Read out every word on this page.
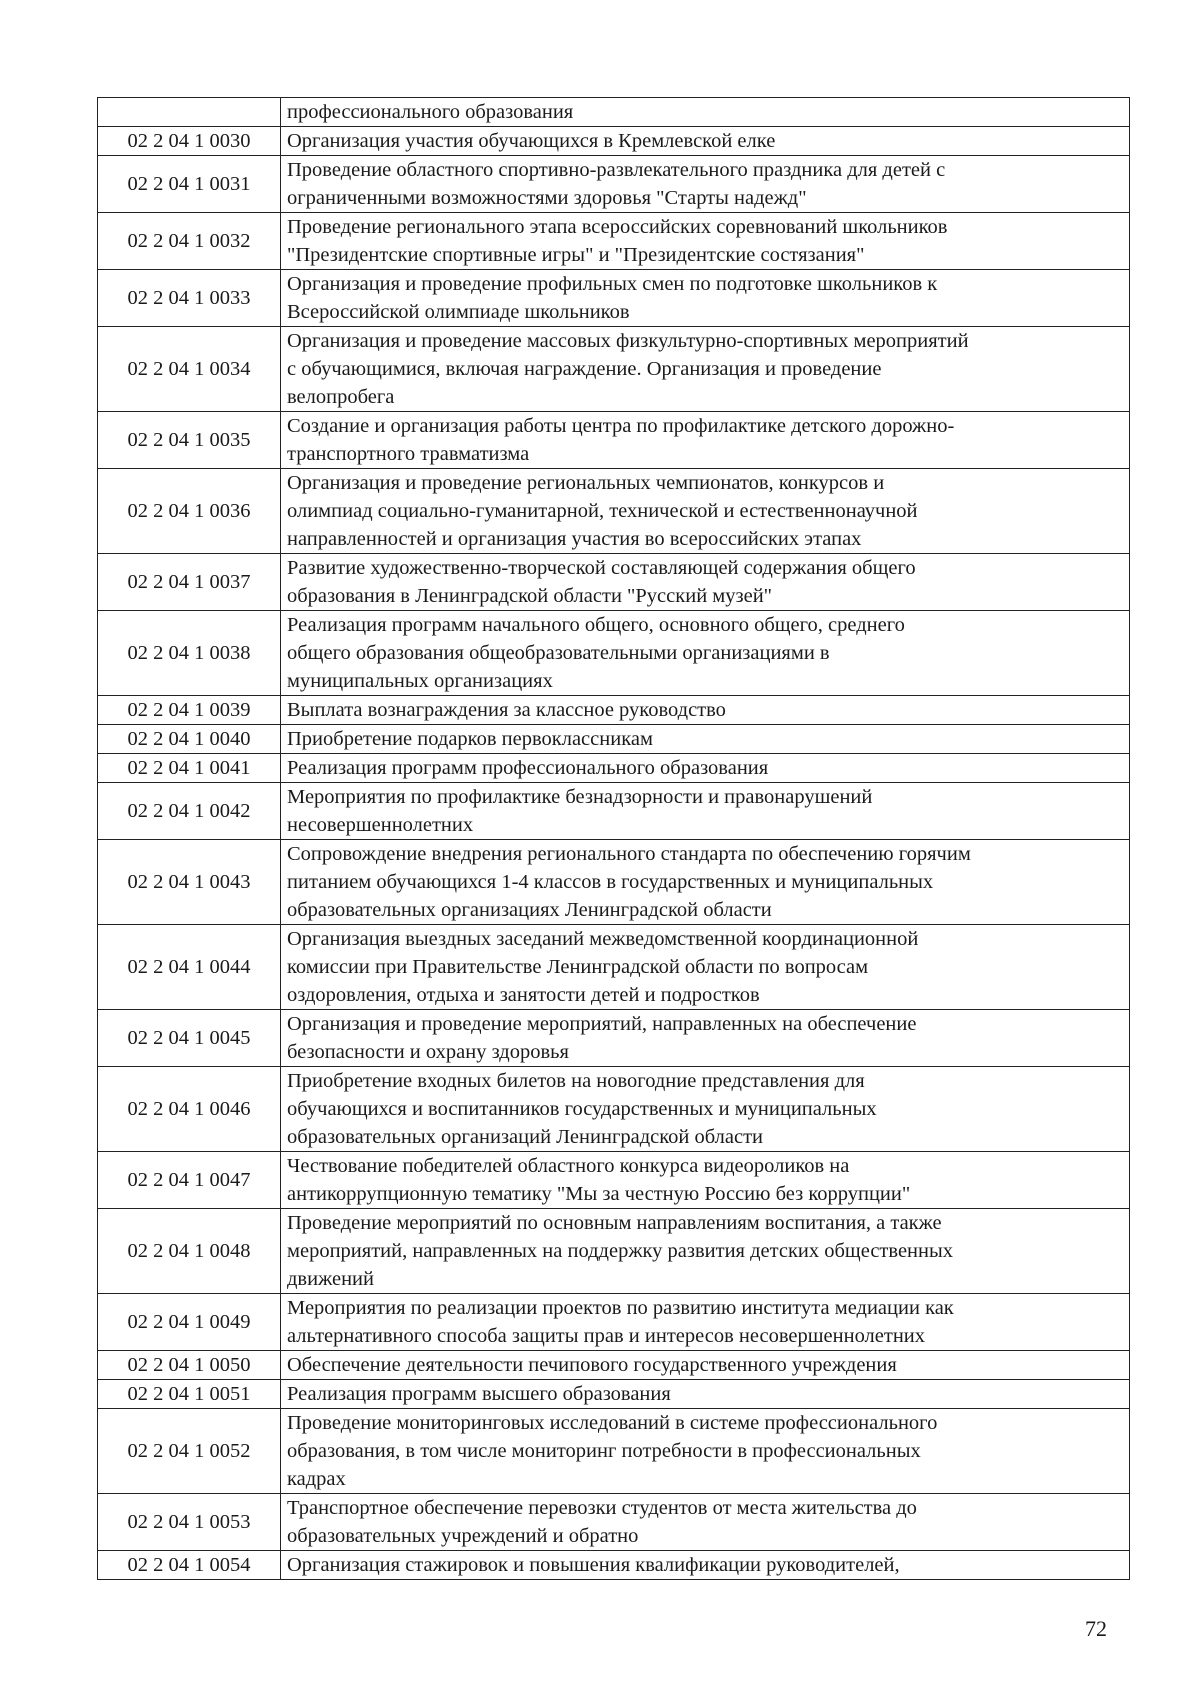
	профессионального образования

02 2 04 1 0030	Организация участия обучающихся в Кремлевской елке

02 2 04 1 0031	Проведение областного спортивно-развлекательного праздника для детей с
ограниченными возможностями здоровья "Старты надежд"

02 2 04 1 0032	Проведение регионального этапа всероссийских соревнований школьников
"Президентские спортивные игры" и "Президентские состязания"

02 2 04 1 0033	Организация и проведение профильных смен по подготовке школьников к
Всероссийской олимпиаде школьников

02 2 04 1 0034	Организация и проведение массовых физкультурно-спортивных мероприятий
с обучающимися, включая награждение. Организация и проведение
велопробега

02 2 04 1 0035	Создание и организация работы центра по профилактике детского дорожно-
транспортного травматизма

02 2 04 1 0036	Организация и проведение региональных чемпионатов, конкурсов и
олимпиад социально-гуманитарной, технической и естественнонаучной
направленностей и организация участия во всероссийских этапах

02 2 04 1 0037	Развитие художественно-творческой составляющей содержания общего
образования в Ленинградской области "Русский музей"

02 2 04 1 0038	Реализация программ начального общего, основного общего, среднего
общего образования общеобразовательными организациями в
муниципальных организациях

02 2 04 1 0039	Выплата вознаграждения за классное руководство

02 2 04 1 0040	Приобретение подарков первоклассникам

02 2 04 1 0041	Реализация программ профессионального образования

02 2 04 1 0042	Мероприятия по профилактике безнадзорности и правонарушений
несовершеннолетних

02 2 04 1 0043	Сопровождение внедрения регионального стандарта по обеспечению горячим
питанием обучающихся 1-4 классов в государственных и муниципальных
образовательных организациях Ленинградской области

02 2 04 1 0044	Организация выездных заседаний межведомственной координационной
комиссии при Правительстве Ленинградской области по вопросам
оздоровления, отдыха и занятости детей и подростков

02 2 04 1 0045	Организация и проведение мероприятий, направленных на обеспечение
безопасности и охрану здоровья

02 2 04 1 0046	Приобретение входных билетов на новогодние представления для
обучающихся и воспитанников государственных и муниципальных
образовательных организаций Ленинградской области

02 2 04 1 0047	Чествование победителей областного конкурса видеороликов на
антикоррупционную тематику "Мы за честную Россию без коррупции"

02 2 04 1 0048	Проведение мероприятий по основным направлениям воспитания, а также
мероприятий, направленных на поддержку развития детских общественных
движений

02 2 04 1 0049	Мероприятия по реализации проектов по развитию института медиации как
альтернативного способа защиты прав и интересов несовершеннолетних

02 2 04 1 0050	Обеспечение деятельности печипового государственного учреждения

02 2 04 1 0051	Реализация программ высшего образования

02 2 04 1 0052	Проведение мониторинговых исследований в системе профессионального
образования, в том числе мониторинг потребности в профессиональных
кадрах

02 2 04 1 0053	Транспортное обеспечение перевозки студентов от места жительства до
образовательных учреждений и обратно

02 2 04 1 0054	Организация стажировок и повышения квалификации руководителей,
72
